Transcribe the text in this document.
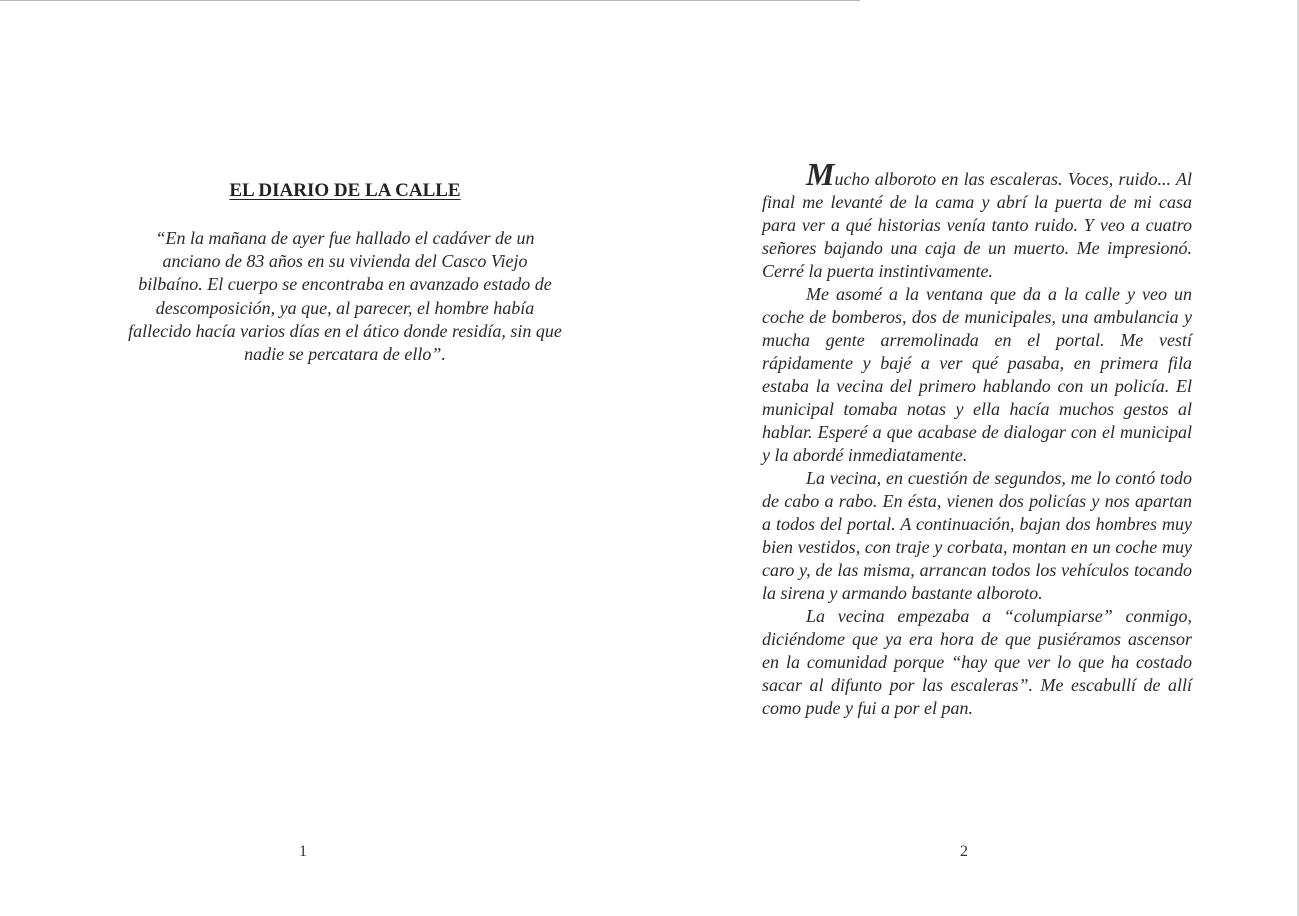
EL DIARIO DE LA CALLE

“En la mañana de ayer fue hallado el cadáver de un anciano de 83 años en su vivienda del Casco Viejo bilbaíno. El cuerpo se encontraba en avanzado estado de descomposición, ya que, al parecer, el hombre había fallecido hacía varios días en el ático donde residía, sin que nadie se percatara de ello”.

1

Mucho alboroto en las escaleras. Voces, ruido... Al final me levanté de la cama y abrí la puerta de mi casa para ver a qué historias venía tanto ruido. Y veo a cuatro señores bajando una caja de un muerto. Me impresionó. Cerré la puerta instintivamente.

Me asomé a la ventana que da a la calle y veo un coche de bomberos, dos de municipales, una ambulancia y mucha gente arremolinada en el portal. Me vestí rápidamente y bajé a ver qué pasaba, en primera fila estaba la vecina del primero hablando con un policía. El municipal tomaba notas y ella hacía muchos gestos al hablar. Esperé a que acabase de dialogar con el municipal y la abordé inmediatamente.

La vecina, en cuestión de segundos, me lo contó todo de cabo a rabo. En ésta, vienen dos policías y nos apartan a todos del portal. A continuación, bajan dos hombres muy bien vestidos, con traje y corbata, montan en un coche muy caro y, de las misma, arrancan todos los vehículos tocando la sirena y armando bastante alboroto.

La vecina empezaba a “columpiarse” conmigo, diciéndome que ya era hora de que pusiéramos ascensor en la comunidad porque “hay que ver lo que ha costado sacar al difunto por las escaleras”. Me escabullí de allí como pude y fui a por el pan.

2
